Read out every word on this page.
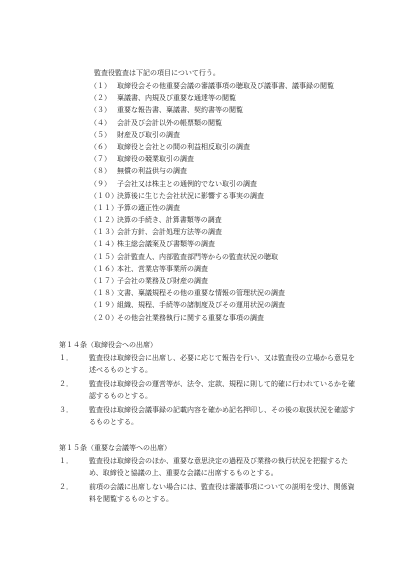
監査役監査は下記の項目について行う。
（１） 取締役会その他重要会議の審議事項の聴取及び議事書、議事録の閲覧
（２） 稟議書、内規及び重要な通達等の閲覧
（３） 重要な報告書、稟議書、契約書等の閲覧
（４） 会計及び会計以外の帳票類の閲覧
（５） 財産及び取引の調査
（６） 取締役と会社との間の利益相反取引の調査
（７） 取締役の競業取引の調査
（８） 無償の利益供与の調査
（９） 子会社又は株主との通例的でない取引の調査
（１０）決算後に生じた会社状況に影響する事実の調査
（１１）予算の適正性の調査
（１２）決算の手続き、計算書類等の調査
（１３）会計方針、会計処理方法等の調査
（１４）株主総会議案及び書類等の調査
（１５）会計監査人、内部監査部門等からの監査状況の聴取
（１６）本社、営業店等事業所の調査
（１７）子会社の業務及び財産の調査
（１８）文書、稟議規程その他の重要な情報の管理状況の調査
（１９）組織、規程、手続等の諸制度及びその運用状況の調査
（２０）その他会社業務執行に関する重要な事項の調査
第１４条（取締役会への出席）
１．	監査役は取締役会に出席し、必要に応じて報告を行い、又は監査役の立場から意見を述べるものとする。
２．	監査役は取締役会の運営等が、法令、定款、規程に則して的確に行われているかを確認するものとする。
３．	監査役は取締役会議事録の記載内容を確かめ記名押印し、その後の取扱状況を確認するものとする。
第１５条（重要な会議等への出席）
１．	監査役は取締役会のほか、重要な意思決定の過程及び業務の執行状況を把握するため、取締役と協議の上、重要な会議に出席するものとする。
２．	前項の会議に出席しない場合には、監査役は審議事項についての説明を受け、関係資料を閲覧するものとする。
